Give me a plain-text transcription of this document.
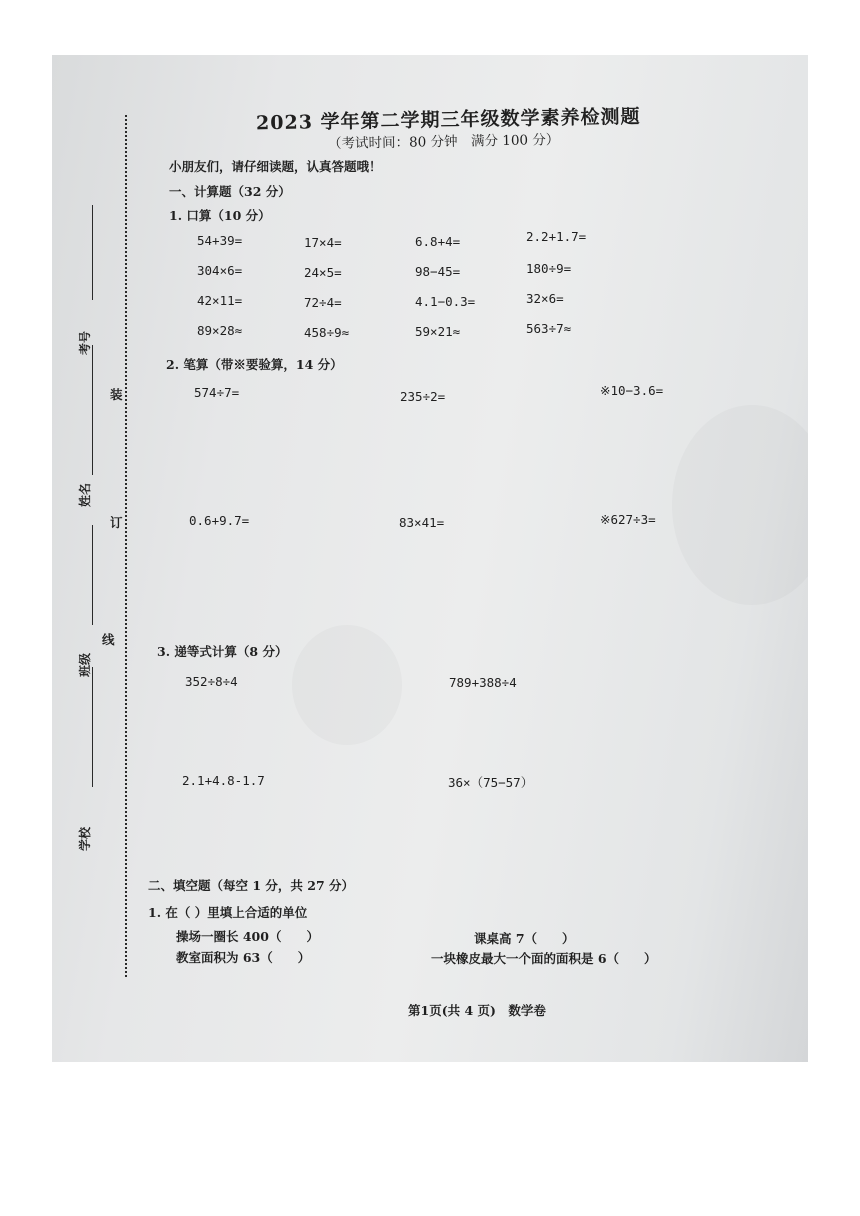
考号
姓名
班级
学校
装
订
线
2023 学年第二学期三年级数学素养检测题
（考试时间：80 分钟　满分 100 分）
小朋友们，请仔细读题，认真答题哦！
一、计算题（32 分）
1. 口算（10 分）
54+39=	17×4=	6.8+4=	2.2+1.7=
304×6=	24×5=	98−45=	180÷9=
42×11=	72÷4=	4.1−0.3=	32×6=
89×28≈	458÷9≈	59×21≈	563÷7≈
2. 笔算（带※要验算，14 分）
574÷7=	235÷2=	※10−3.6=
0.6+9.7=	83×41=	※627÷3=
3. 递等式计算（8 分）
352÷8÷4	789+388÷4
2.1+4.8-1.7	36×（75−57）
二、填空题（每空 1 分，共 27 分）
1. 在（ ）里填上合适的单位
操场一圈长 400（　　）	课桌高 7（　　）
教室面积为 63（　　）	一块橡皮最大一个面的面积是 6（　　）
第1页(共 4 页)　数学卷
